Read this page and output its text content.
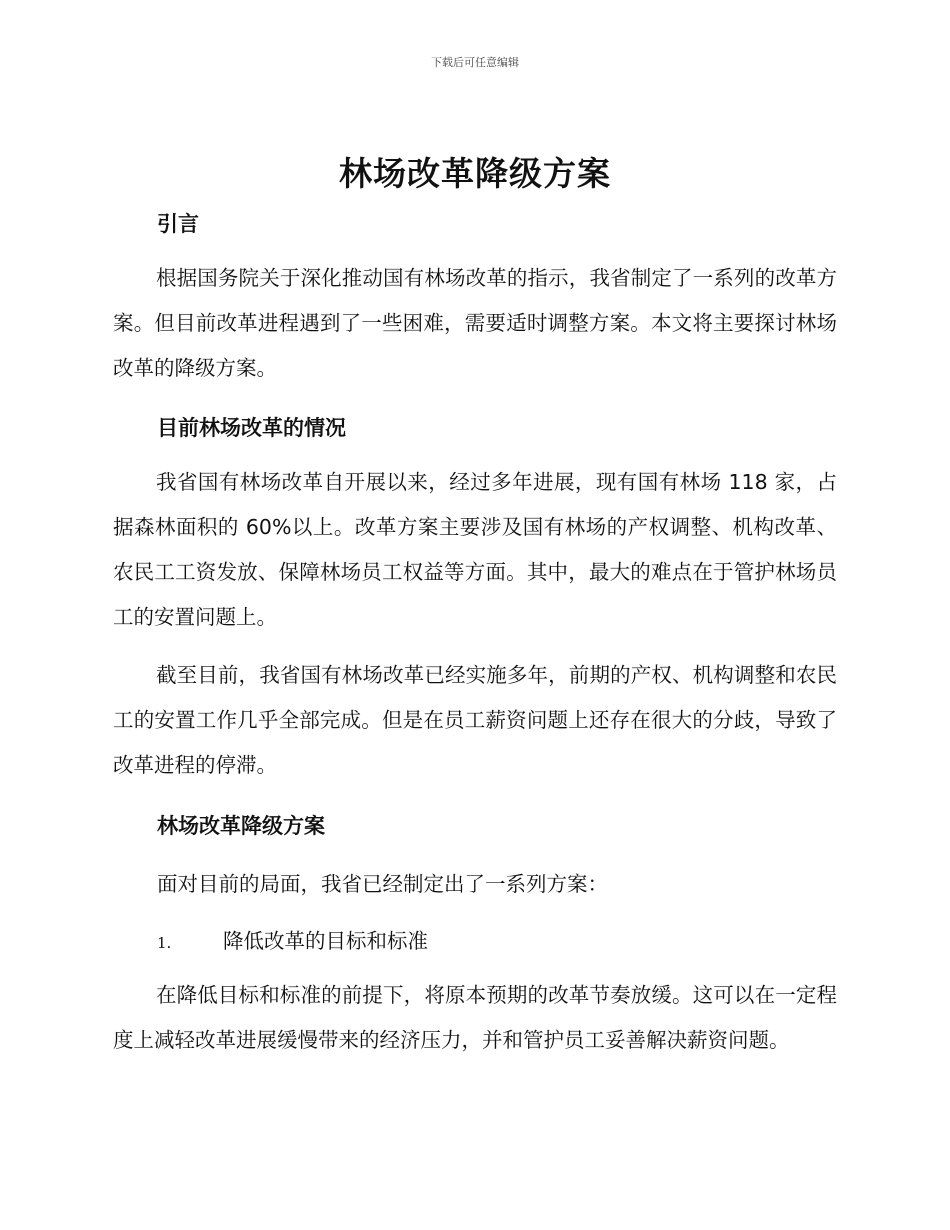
下载后可任意编辑
林场改革降级方案
引言

根据国务院关于深化推动国有林场改革的指示，我省制定了一系列的改革方案。但目前改革进程遇到了一些困难，需要适时调整方案。本文将主要探讨林场改革的降级方案。

目前林场改革的情况

我省国有林场改革自开展以来，经过多年进展，现有国有林场 118 家，占据森林面积的 60%以上。改革方案主要涉及国有林场的产权调整、机构改革、农民工工资发放、保障林场员工权益等方面。其中，最大的难点在于管护林场员工的安置问题上。

截至目前，我省国有林场改革已经实施多年，前期的产权、机构调整和农民工的安置工作几乎全部完成。但是在员工薪资问题上还存在很大的分歧，导致了改革进程的停滞。

林场改革降级方案
面对目前的局面，我省已经制定出了一系列方案：
1.	降低改革的目标和标准

在降低目标和标准的前提下，将原本预期的改革节奏放缓。这可以在一定程度上减轻改革进展缓慢带来的经济压力，并和管护员工妥善解决薪资问题。
